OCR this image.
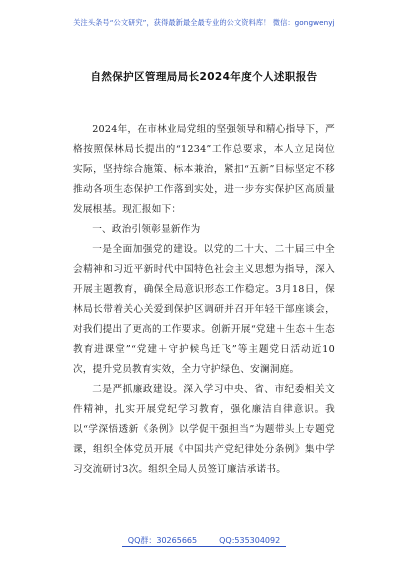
关注头条号“公文研究”，获得最新最全最专业的公文资料库！ 微信：gongwenyj
自然保护区管理局局长2024年度个人述职报告

2024年，在市林业局党组的坚强领导和精心指导下，严格按照保林局长提出的“1234”工作总要求，本人立足岗位实际，坚持综合施策、标本兼治，紧扣“五新”目标坚定不移推动各项生态保护工作落到实处，进一步夯实保护区高质量发展根基。现汇报如下：

一、政治引领彰显新作为

一是全面加强党的建设。以党的二十大、二十届三中全会精神和习近平新时代中国特色社会主义思想为指导，深入开展主题教育，确保全局意识形态工作稳定。3月18日，保林局长带着关心关爱到保护区调研并召开年轻干部座谈会，对我们提出了更高的工作要求。创新开展“党建＋生态＋生态教育进课堂”“党建＋守护候鸟迁飞”等主题党日活动近10次，提升党员教育实效，全力守护绿色、安澜洞庭。

二是严抓廉政建设。深入学习中央、省、市纪委相关文件精神，扎实开展党纪学习教育，强化廉洁自律意识。我以“学深悟透新《条例》以学促干强担当”为题带头上专题党课，组织全体党员开展《中国共产党纪律处分条例》集中学习交流研讨3次。组织全局人员签订廉洁承诺书。

QQ群：30265665	QQ:535304092
